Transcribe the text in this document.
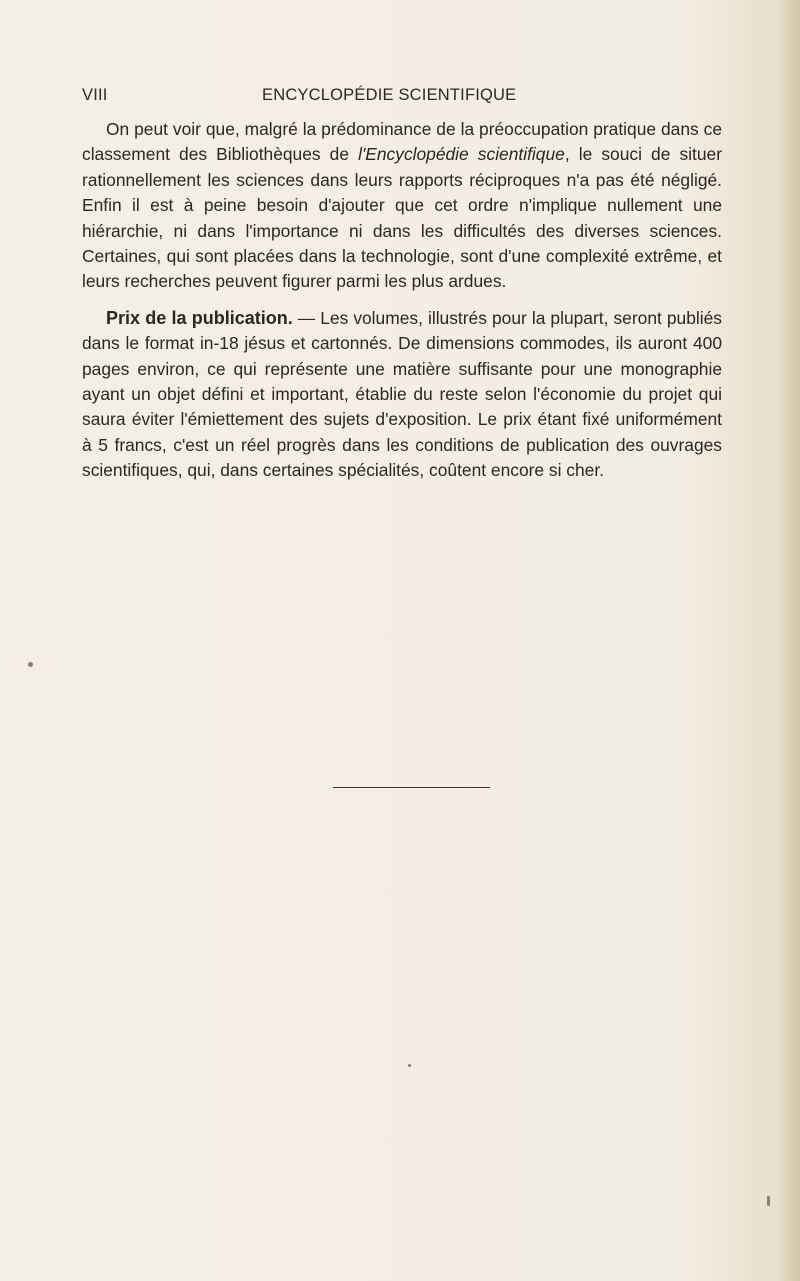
VIII	ENCYCLOPÉDIE SCIENTIFIQUE

On peut voir que, malgré la prédominance de la préoccupation pratique dans ce classement des Bibliothèques de l'Encyclopédie scientifique, le souci de situer rationnellement les sciences dans leurs rapports réciproques n'a pas été négligé. Enfin il est à peine besoin d'ajouter que cet ordre n'implique nullement une hiérarchie, ni dans l'importance ni dans les difficultés des diverses sciences. Certaines, qui sont placées dans la technologie, sont d'une complexité extrême, et leurs recherches peuvent figurer parmi les plus ardues.

Prix de la publication. — Les volumes, illustrés pour la plupart, seront publiés dans le format in-18 jésus et cartonnés. De dimensions commodes, ils auront 400 pages environ, ce qui représente une matière suffisante pour une monographie ayant un objet défini et important, établie du reste selon l'économie du projet qui saura éviter l'émiettement des sujets d'exposition. Le prix étant fixé uniformément à 5 francs, c'est un réel progrès dans les conditions de publication des ouvrages scientifiques, qui, dans certaines spécialités, coûtent encore si cher.
